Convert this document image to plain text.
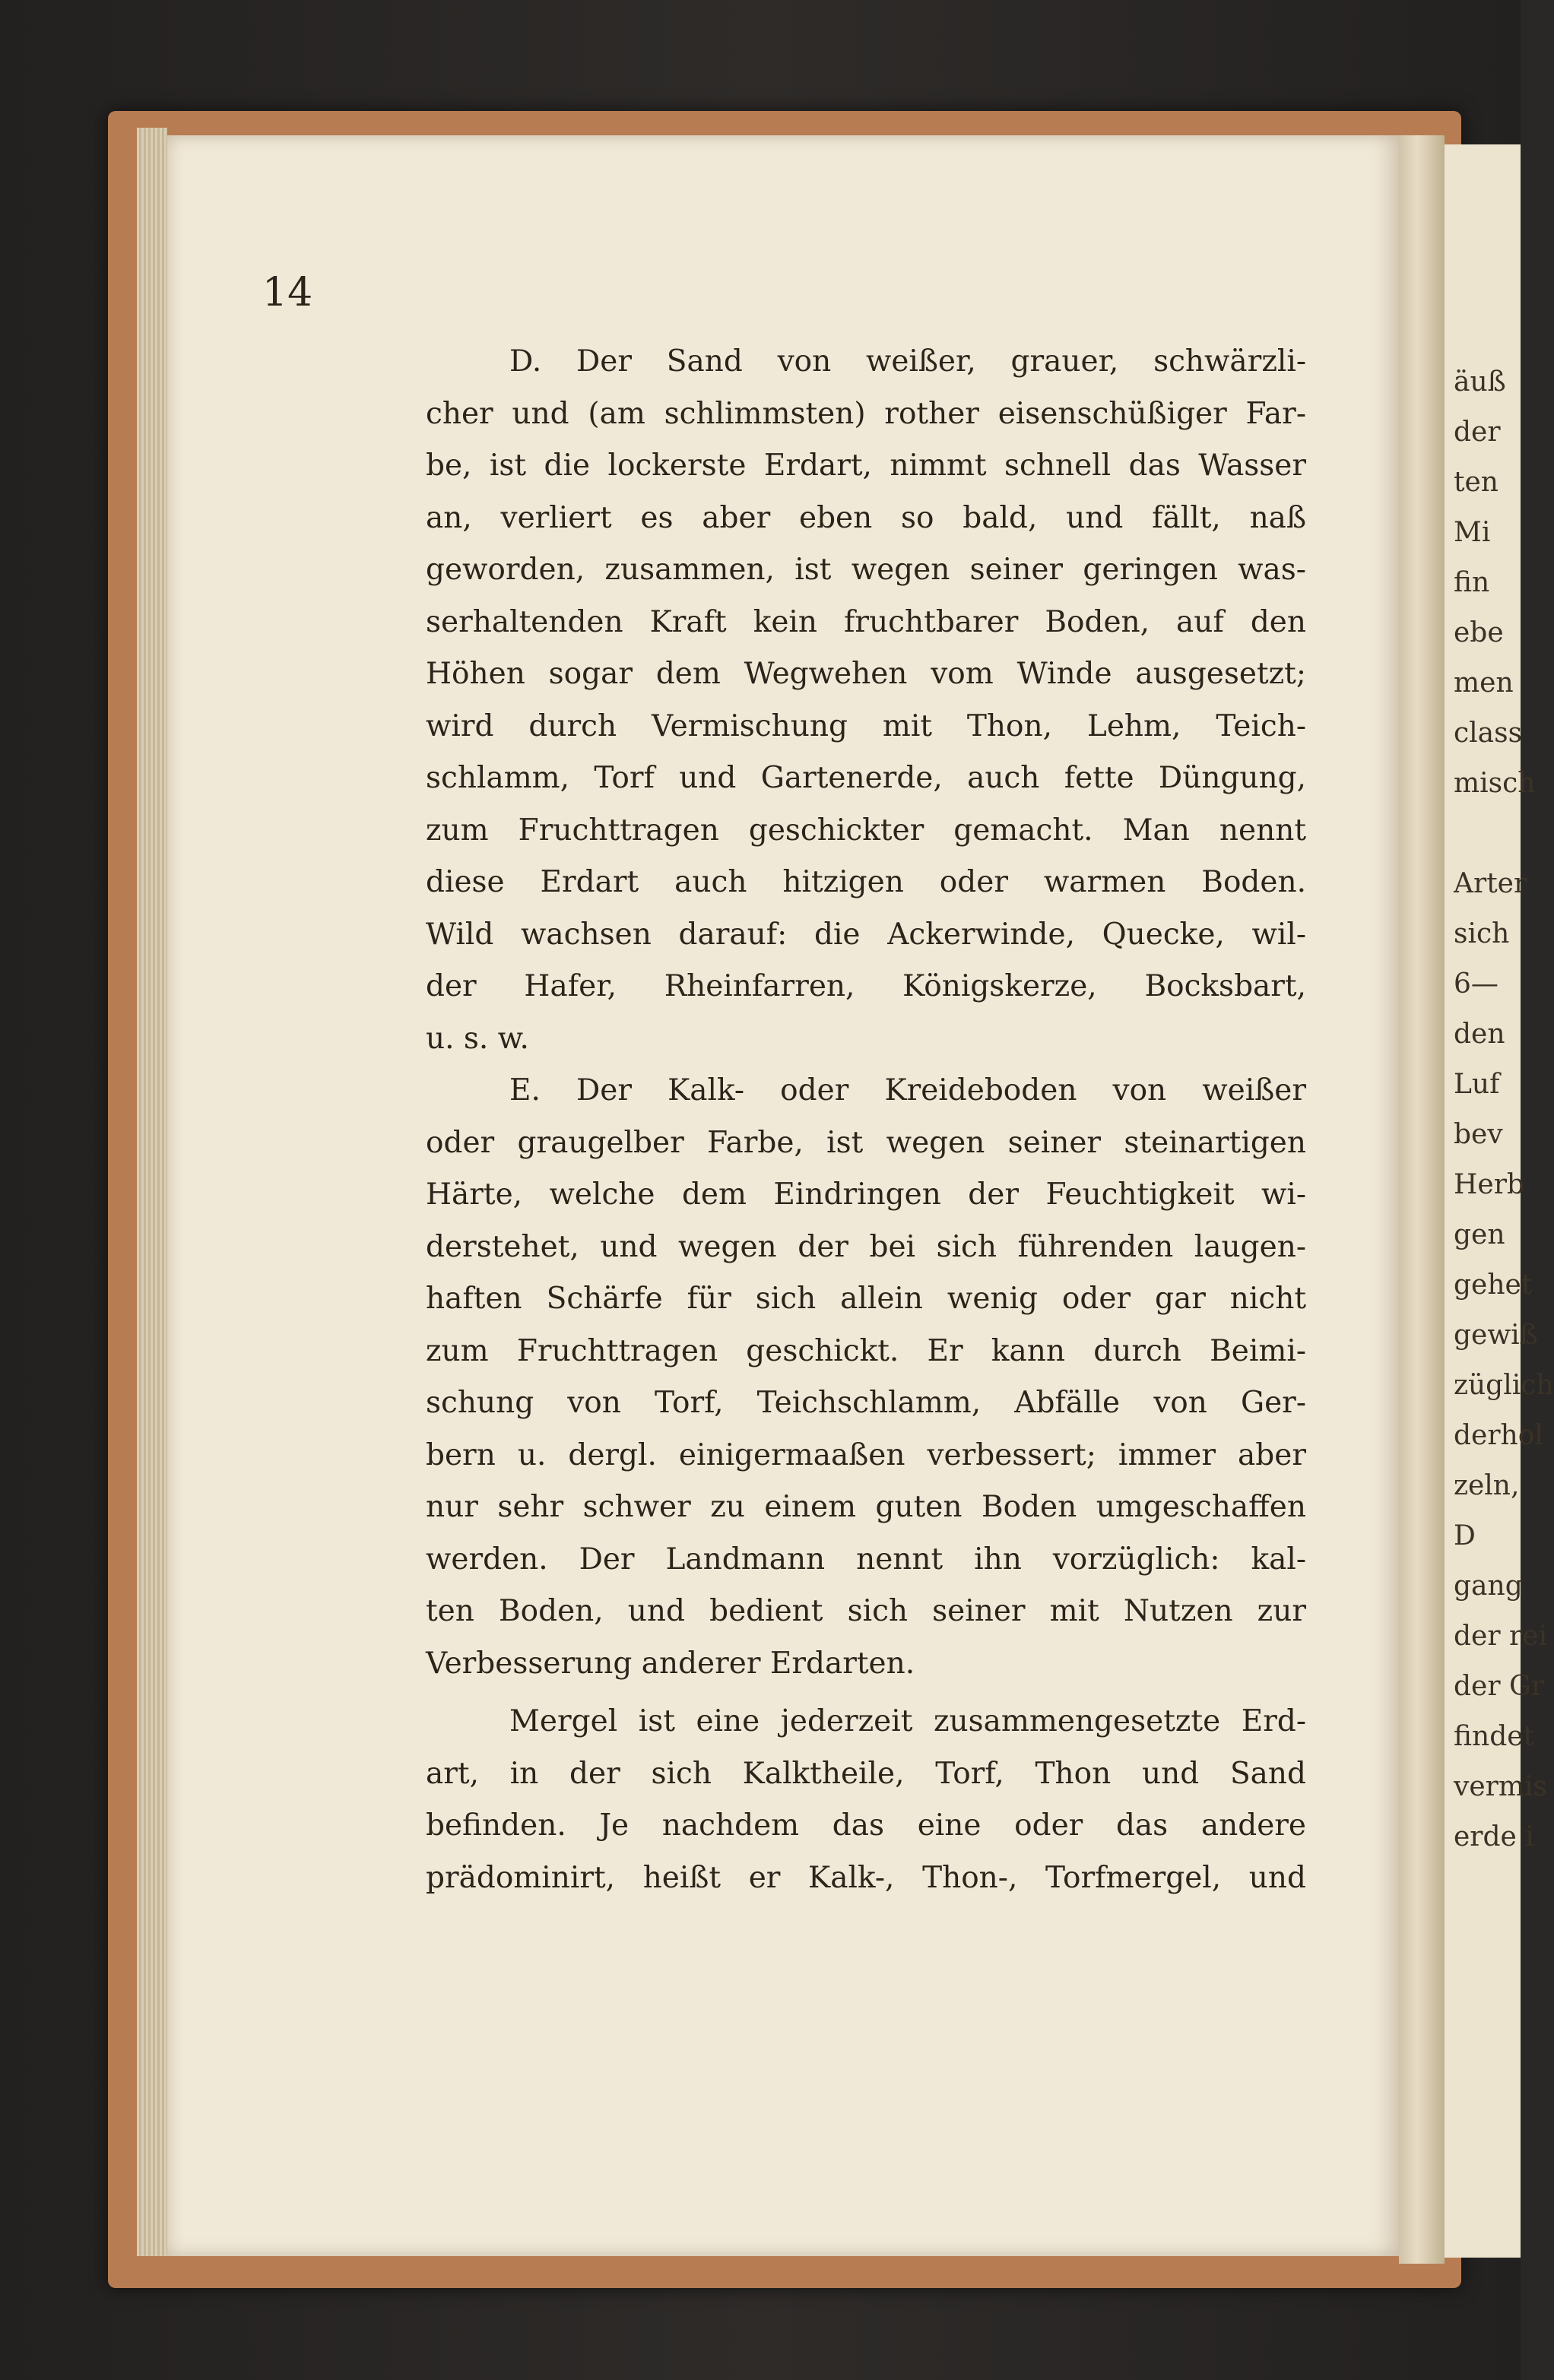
14
D. Der Sand von weißer, grauer, schwärzli-
cher und (am schlimmsten) rother eisenschüßiger Far-
be, ist die lockerste Erdart, nimmt schnell das Wasser
an, verliert es aber eben so bald, und fällt, naß
geworden, zusammen, ist wegen seiner geringen was-
serhaltenden Kraft kein fruchtbarer Boden, auf den
Höhen sogar dem Wegwehen vom Winde ausgesetzt;
wird durch Vermischung mit Thon, Lehm, Teich-
schlamm, Torf und Gartenerde, auch fette Düngung,
zum Fruchttragen geschickter gemacht. Man nennt
diese Erdart auch hitzigen oder warmen Boden.
Wild wachsen darauf: die Ackerwinde, Quecke, wil-
der Hafer, Rheinfarren, Königskerze, Bocksbart,
u. s. w.
E. Der Kalk- oder Kreideboden von weißer
oder graugelber Farbe, ist wegen seiner steinartigen
Härte, welche dem Eindringen der Feuchtigkeit wi-
derstehet, und wegen der bei sich führenden laugen-
haften Schärfe für sich allein wenig oder gar nicht
zum Fruchttragen geschickt. Er kann durch Beimi-
schung von Torf, Teichschlamm, Abfälle von Ger-
bern u. dergl. einigermaaßen verbessert; immer aber
nur sehr schwer zu einem guten Boden umgeschaffen
werden. Der Landmann nennt ihn vorzüglich: kal-
ten Boden, und bedient sich seiner mit Nutzen zur
Verbesserung anderer Erdarten.
Mergel ist eine jederzeit zusammengesetzte Erd-
art, in der sich Kalktheile, Torf, Thon und Sand
befinden. Je nachdem das eine oder das andere
prädominirt, heißt er Kalk-, Thon-, Torfmergel, und
äuß
der
ten
Mi
fin
ebe
men
class
misch
Arter
sich
6—
den
Luf
bev
Herb
gen
gehet
gewiß
züglich
derhol
zeln,
D
gang
der rei
der Gr
findet
vermis
erde i
